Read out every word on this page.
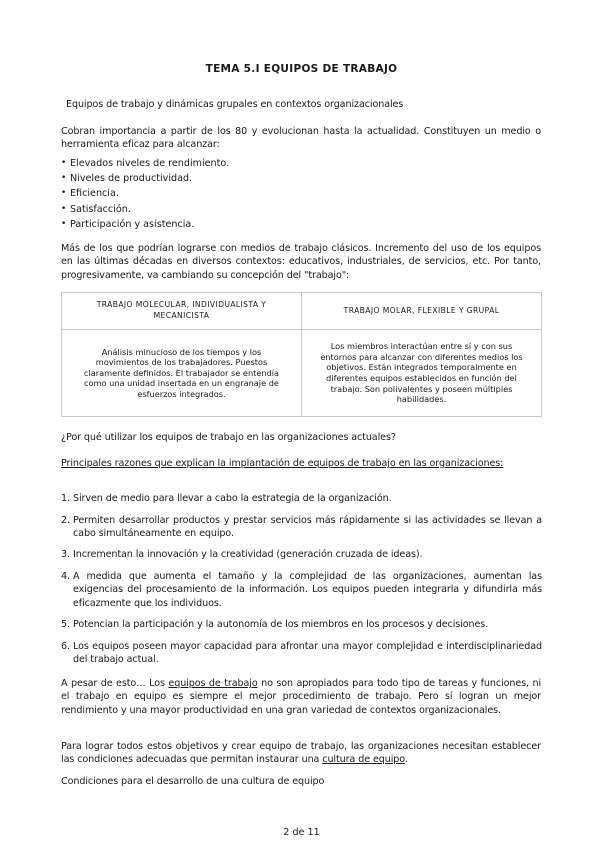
TEMA 5.I EQUIPOS DE TRABAJO
Equipos de trabajo y dinámicas grupales en contextos organizacionales
Cobran importancia a partir de los 80 y evolucionan hasta la actualidad. Constituyen un medio o herramienta eficaz para alcanzar:
• Elevados niveles de rendimiento.
• Niveles de productividad.
• Eficiencia.
• Satisfacción.
• Participación y asistencia.
Más de los que podrían lograrse con medios de trabajo clásicos. Incremento del uso de los equipos en las últimas décadas en diversos contextos: educativos, industriales, de servicios, etc. Por tanto, progresivamente, va cambiando su concepción del "trabajo":
TRABAJO MOLECULAR, INDIVIDUALISTA Y MECANICISTA	TRABAJO MOLAR, FLEXIBLE Y GRUPAL
Análisis minucioso de los tiempos y los movimientos de los trabajadores. Puestos claramente definidos. El trabajador se entendía como una unidad insertada en un engranaje de esfuerzos integrados.	Los miembros interactúan entre sí y con sus entornos para alcanzar con diferentes medios los objetivos. Están integrados temporalmente en diferentes equipos establecidos en función del trabajo. Son polivalentes y poseen múltiples habilidades.
¿Por qué utilizar los equipos de trabajo en las organizaciones actuales?
Principales razones que explican la implantación de equipos de trabajo en las organizaciones:
1. Sirven de medio para llevar a cabo la estrategia de la organización.
2. Permiten desarrollar productos y prestar servicios más rápidamente si las actividades se llevan a cabo simultáneamente en equipo.
3. Incrementan la innovación y la creatividad (generación cruzada de ideas).
4. A medida que aumenta el tamaño y la complejidad de las organizaciones, aumentan las exigencias del procesamiento de la información. Los equipos pueden integrarla y difundirla más eficazmente que los individuos.
5. Potencian la participación y la autonomía de los miembros en los procesos y decisiones.
6. Los equipos poseen mayor capacidad para afrontar una mayor complejidad e interdisciplinariedad del trabajo actual.
A pesar de esto… Los equipos de trabajo no son apropiados para todo tipo de tareas y funciones, ni el trabajo en equipo es siempre el mejor procedimiento de trabajo. Pero sí logran un mejor rendimiento y una mayor productividad en una gran variedad de contextos organizacionales.
Para lograr todos estos objetivos y crear equipo de trabajo, las organizaciones necesitan establecer las condiciones adecuadas que permitan instaurar una cultura de equipo.
Condiciones para el desarrollo de una cultura de equipo
2 de 11
